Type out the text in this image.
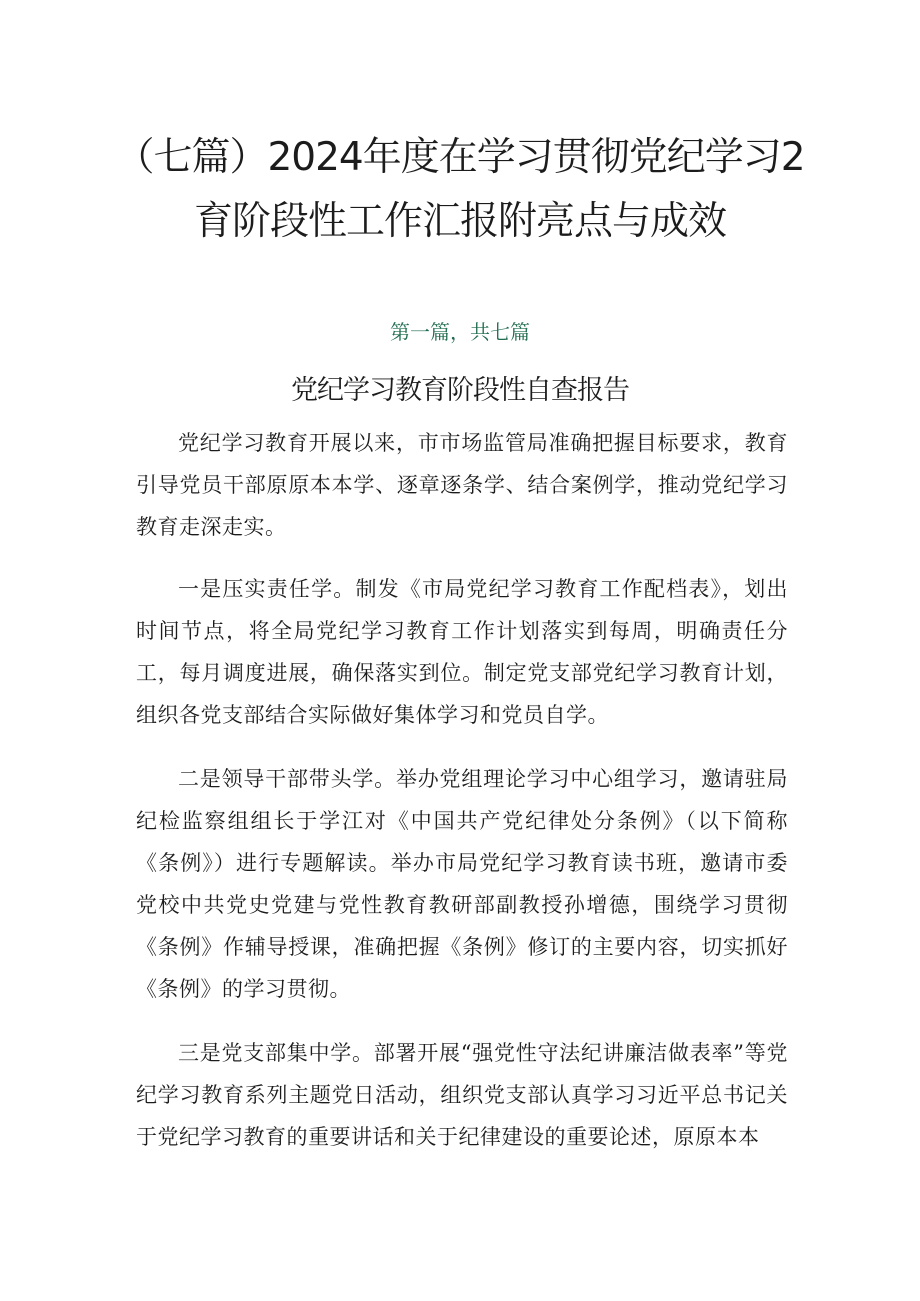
（七篇）2024年度在学习贯彻党纪学习2
育阶段性工作汇报附亮点与成效
第一篇，共七篇
党纪学习教育阶段性自查报告

党纪学习教育开展以来，市市场监管局准确把握目标要求，教育引导党员干部原原本本学、逐章逐条学、结合案例学，推动党纪学习教育走深走实。

一是压实责任学。制发《市局党纪学习教育工作配档表》，划出时间节点，将全局党纪学习教育工作计划落实到每周，明确责任分工，每月调度进展，确保落实到位。制定党支部党纪学习教育计划，组织各党支部结合实际做好集体学习和党员自学。

二是领导干部带头学。举办党组理论学习中心组学习，邀请驻局纪检监察组组长于学江对《中国共产党纪律处分条例》（以下简称《条例》）进行专题解读。举办市局党纪学习教育读书班，邀请市委党校中共党史党建与党性教育教研部副教授孙增德，围绕学习贯彻《条例》作辅导授课，准确把握《条例》修订的主要内容，切实抓好《条例》的学习贯彻。

三是党支部集中学。部署开展“强党性守法纪讲廉洁做表率”等党纪学习教育系列主题党日活动，组织党支部认真学习习近平总书记关于党纪学习教育的重要讲话和关于纪律建设的重要论述，原原本本
